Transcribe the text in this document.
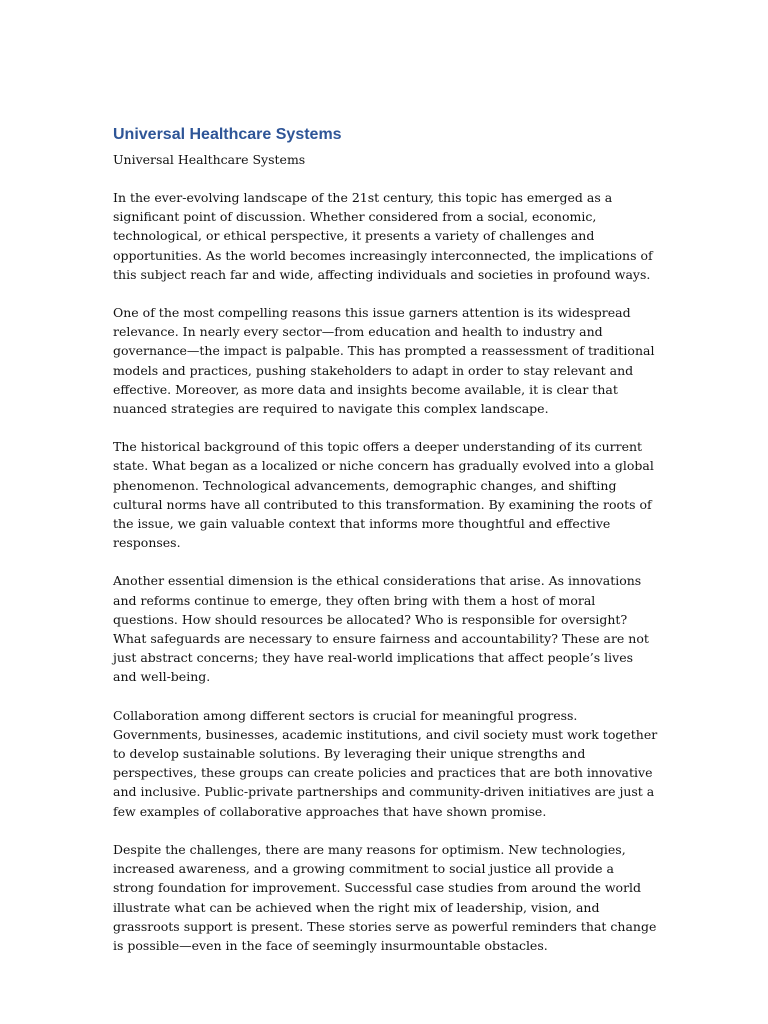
Universal Healthcare Systems

Universal Healthcare Systems

In the ever-evolving landscape of the 21st century, this topic has emerged as a significant point of discussion. Whether considered from a social, economic, technological, or ethical perspective, it presents a variety of challenges and opportunities. As the world becomes increasingly interconnected, the implications of this subject reach far and wide, affecting individuals and societies in profound ways.

One of the most compelling reasons this issue garners attention is its widespread relevance. In nearly every sector—from education and health to industry and governance—the impact is palpable. This has prompted a reassessment of traditional models and practices, pushing stakeholders to adapt in order to stay relevant and effective. Moreover, as more data and insights become available, it is clear that nuanced strategies are required to navigate this complex landscape.

The historical background of this topic offers a deeper understanding of its current state. What began as a localized or niche concern has gradually evolved into a global phenomenon. Technological advancements, demographic changes, and shifting cultural norms have all contributed to this transformation. By examining the roots of the issue, we gain valuable context that informs more thoughtful and effective responses.

Another essential dimension is the ethical considerations that arise. As innovations and reforms continue to emerge, they often bring with them a host of moral questions. How should resources be allocated? Who is responsible for oversight? What safeguards are necessary to ensure fairness and accountability? These are not just abstract concerns; they have real-world implications that affect people’s lives and well-being.

Collaboration among different sectors is crucial for meaningful progress. Governments, businesses, academic institutions, and civil society must work together to develop sustainable solutions. By leveraging their unique strengths and perspectives, these groups can create policies and practices that are both innovative and inclusive. Public-private partnerships and community-driven initiatives are just a few examples of collaborative approaches that have shown promise.

Despite the challenges, there are many reasons for optimism. New technologies, increased awareness, and a growing commitment to social justice all provide a strong foundation for improvement. Successful case studies from around the world illustrate what can be achieved when the right mix of leadership, vision, and grassroots support is present. These stories serve as powerful reminders that change is possible—even in the face of seemingly insurmountable obstacles.
